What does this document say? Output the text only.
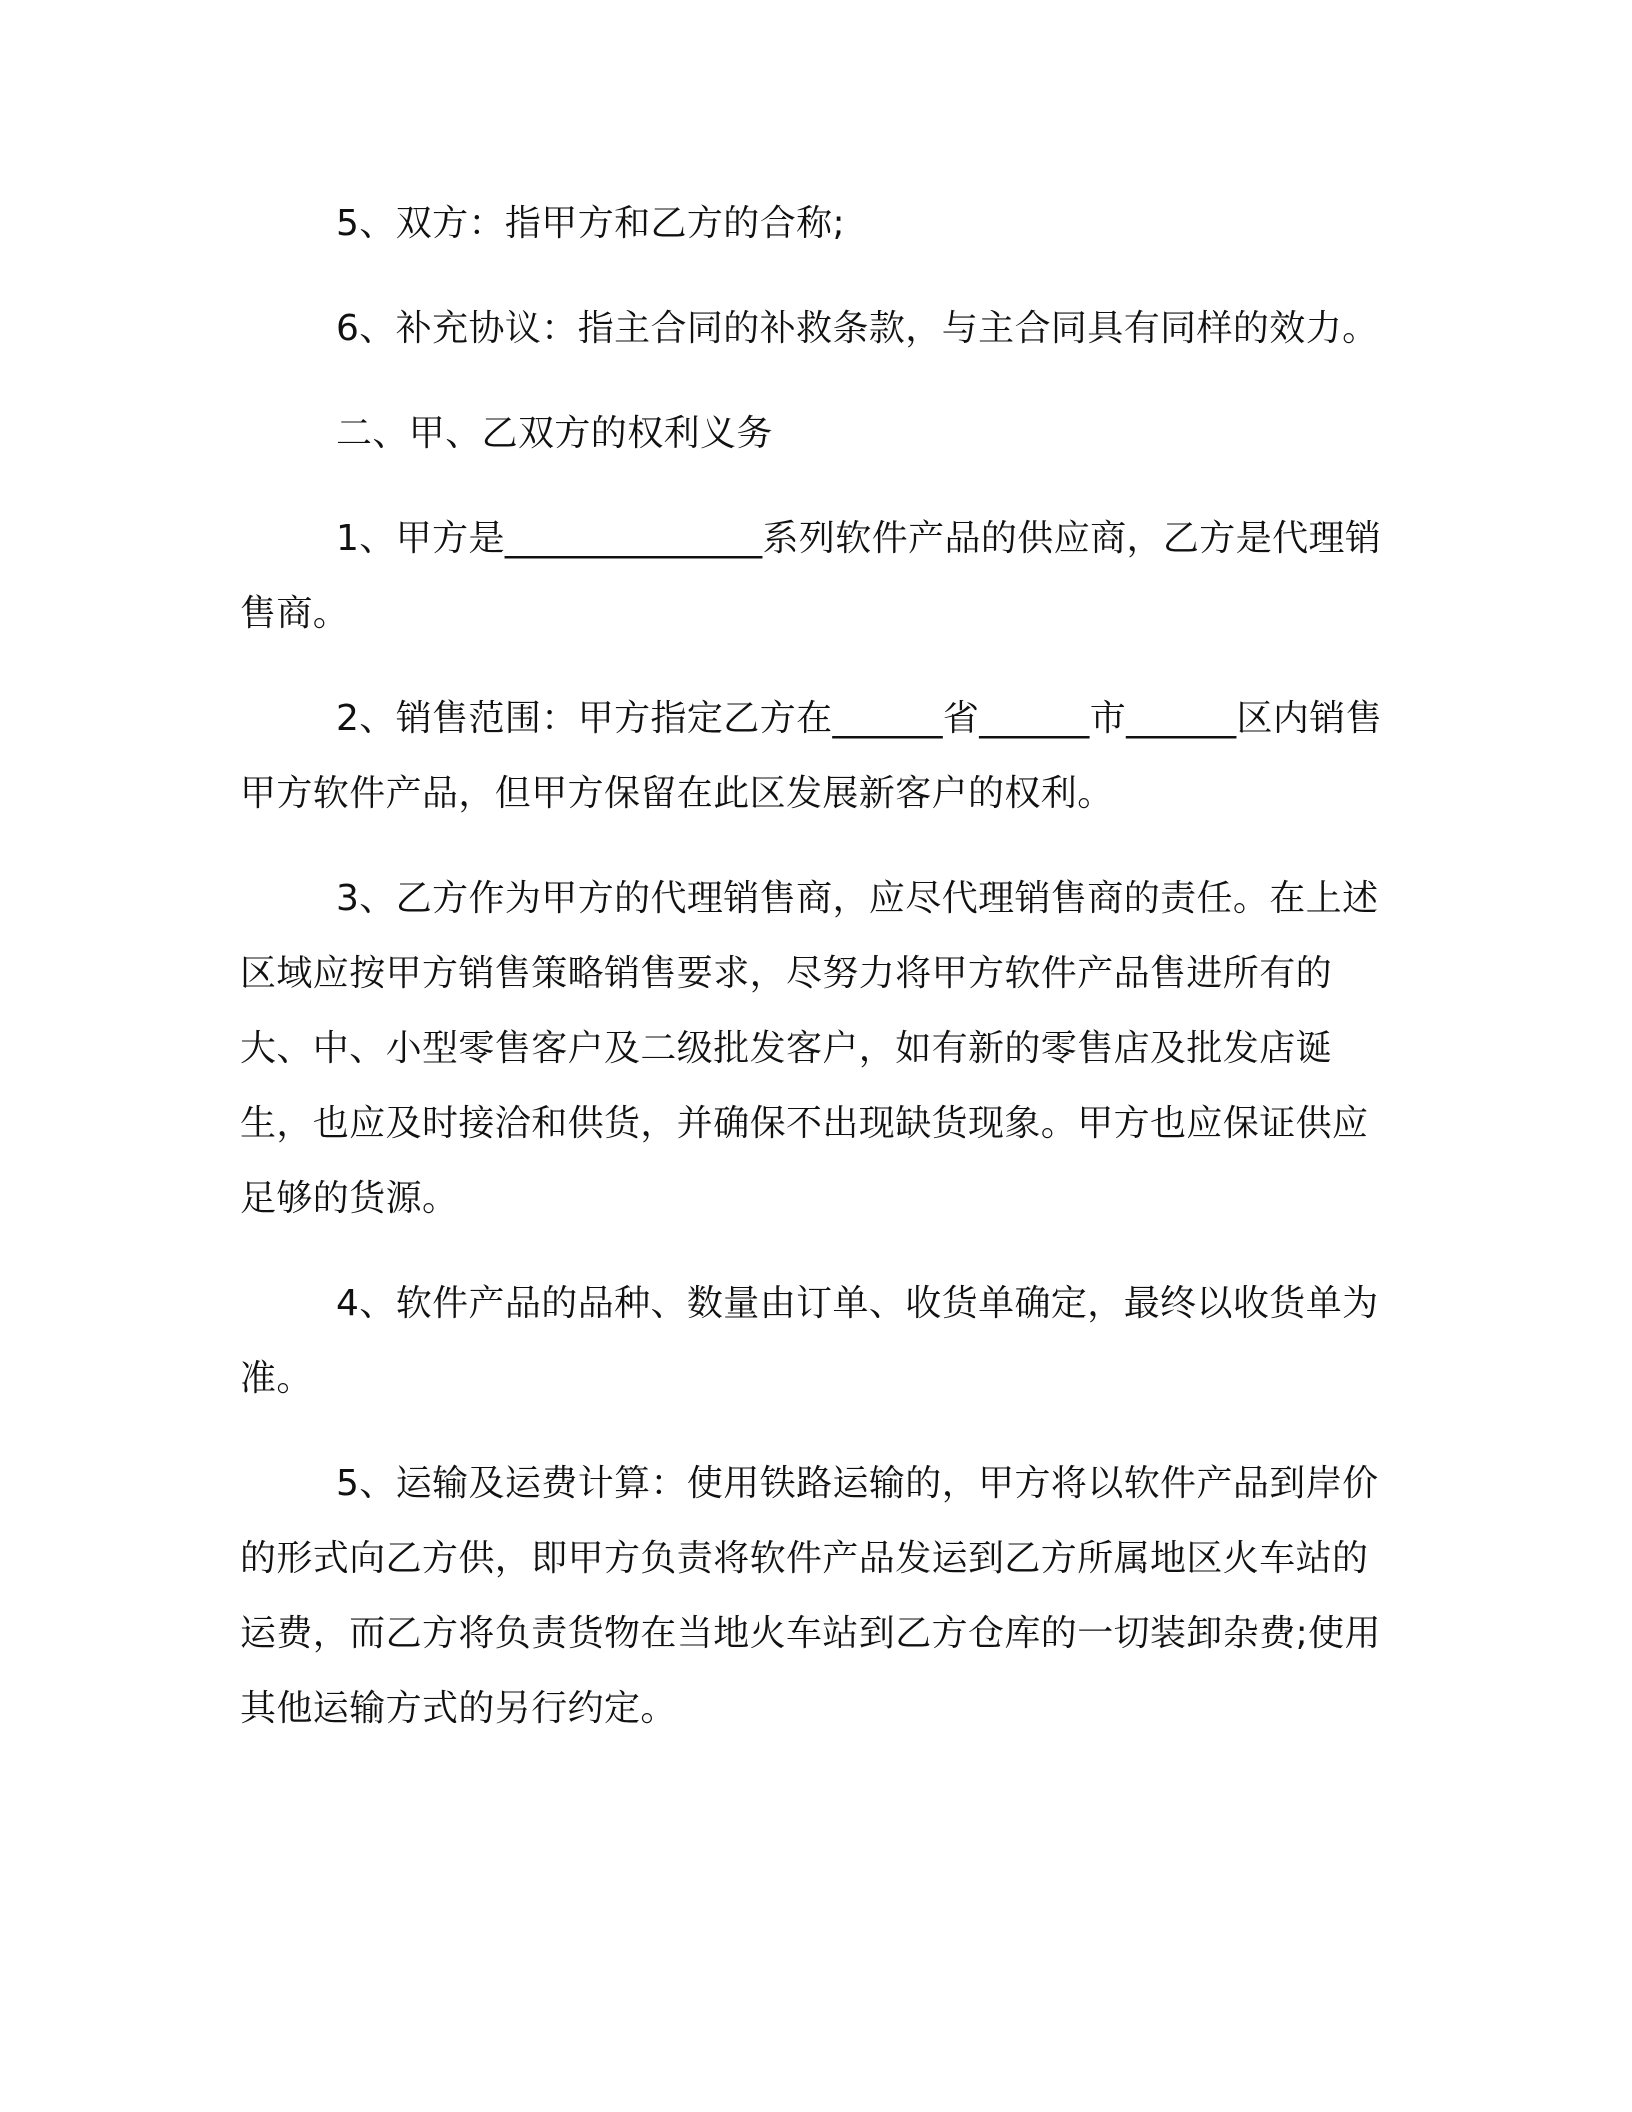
5、双方：指甲方和乙方的合称;

6、补充协议：指主合同的补救条款，与主合同具有同样的效力。

二、甲、乙双方的权利义务

1、甲方是______________系列软件产品的供应商，乙方是代理销售商。

2、销售范围：甲方指定乙方在______省______市______区内销售甲方软件产品，但甲方保留在此区发展新客户的权利。

3、乙方作为甲方的代理销售商，应尽代理销售商的责任。在上述区域应按甲方销售策略销售要求，尽努力将甲方软件产品售进所有的大、中、小型零售客户及二级批发客户，如有新的零售店及批发店诞生，也应及时接洽和供货，并确保不出现缺货现象。甲方也应保证供应足够的货源。

4、软件产品的品种、数量由订单、收货单确定，最终以收货单为准。

5、运输及运费计算：使用铁路运输的，甲方将以软件产品到岸价的形式向乙方供，即甲方负责将软件产品发运到乙方所属地区火车站的运费，而乙方将负责货物在当地火车站到乙方仓库的一切装卸杂费;使用其他运输方式的另行约定。
